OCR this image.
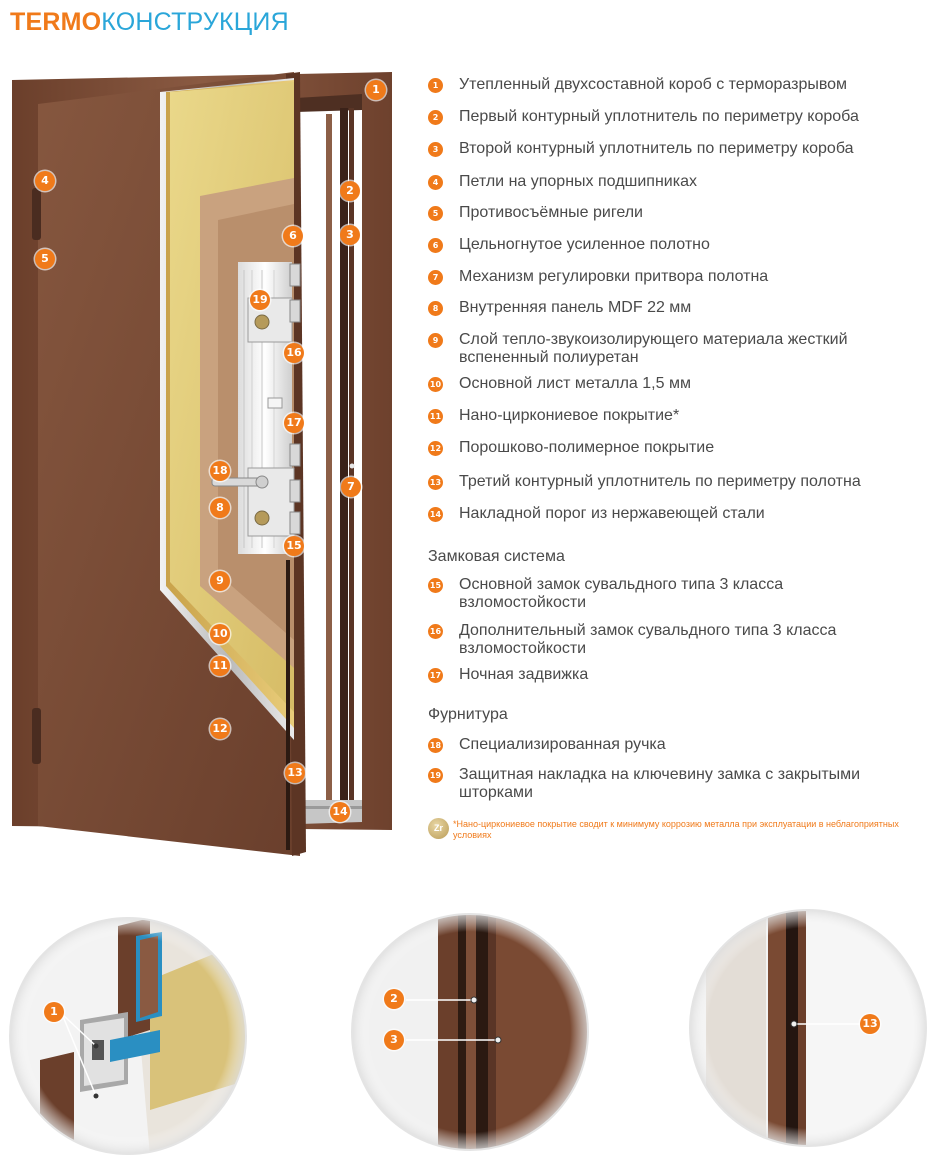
TERMOКОНСТРУКЦИЯ
1
2
3
4
5
6
7
8
9
10
11
12
13
14
15
16
17
18
19
1
2
3
13
1 Утепленный двухсоставной короб с терморазрывом
2 Первый контурный уплотнитель по периметру короба
3 Второй контурный уплотнитель по периметру короба
4 Петли на упорных подшипниках
5 Противосъёмные ригели
6 Цельногнутое усиленное полотно
7 Механизм регулировки притвора полотна
8 Внутренняя панель MDF 22 мм
9 Слой тепло-звукоизолирующего материала жесткий вспененный полиуретан
10 Основной лист металла 1,5 мм
11 Нано-циркониевое покрытие*
12 Порошково-полимерное покрытие
13 Третий контурный уплотнитель по периметру полотна
14 Накладной порог из нержавеющей стали
Замковая система
15 Основной замок сувальдного типа 3 класса взломостойкости
16 Дополнительный замок сувальдного типа 3 класса взломостойкости
17 Ночная задвижка
Фурнитура
18 Специализированная ручка
19 Защитная накладка на ключевину замка с закрытыми шторками
Zr	*Нано-циркониевое покрытие сводит к минимуму коррозию металла при эксплуатации в неблагоприятных условиях
